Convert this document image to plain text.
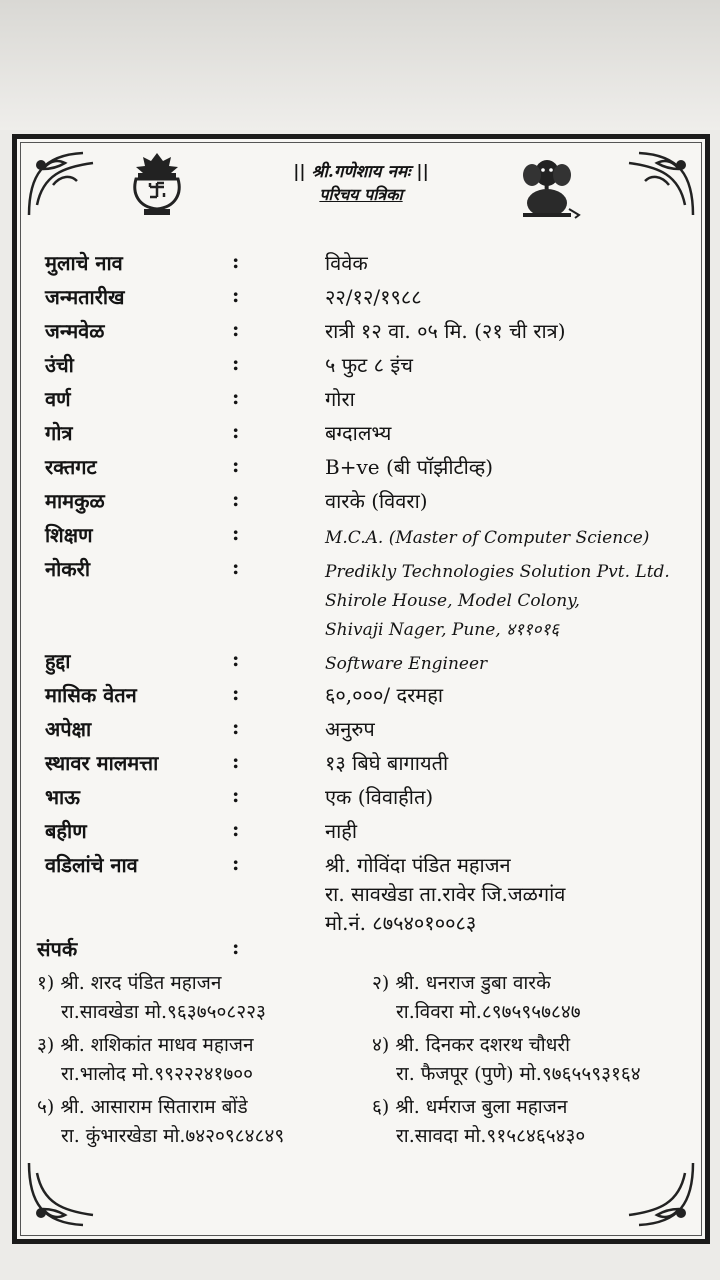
|| श्री.गणेशाय नमः ||
परिचय पत्रिका
मुलाचे नाव	:	विवेक
जन्मतारीख	:	२२/१२/१९८८
जन्मवेळ	:	रात्री १२ वा. ०५ मि. (२१ ची रात्र)
उंची	:	५ फुट ८ इंच
वर्ण	:	गोरा
गोत्र	:	बग्दालभ्य
रक्तगट	:	B+ve (बी पॉझीटीव्ह)
मामकुळ	:	वारके (विवरा)
शिक्षण	:	M.C.A. (Master of Computer Science)
नोकरी	:	Predikly Technologies Solution Pvt. Ltd.
Shirole House, Model Colony,
Shivaji Nager, Pune, ४११०१६
हुद्दा	:	Software Engineer
मासिक वेतन	:	६०,०००/ दरमहा
अपेक्षा	:	अनुरुप
स्थावर मालमत्ता	:	१३ बिघे बागायती
भाऊ	:	एक (विवाहीत)
बहीण	:	नाही
वडिलांचे नाव	:	श्री. गोविंदा पंडित महाजन
रा. सावखेडा ता.रावेर जि.जळगांव
मो.नं. ८७५४०१००८३
संपर्क	:
१) श्री. शरद पंडित महाजन
रा.सावखेडा मो.९६३७५०८२२३
२) श्री. धनराज डुबा वारके
रा.विवरा मो.८९७५९५७८४७
३) श्री. शशिकांत माधव महाजन
रा.भालोद मो.९९२२२४१७००
४) श्री. दिनकर दशरथ चौधरी
रा. फैजपूर (पुणे) मो.९७६५५९३१६४
५) श्री. आसाराम सिताराम बोंडे
रा. कुंभारखेडा मो.७४२०९८४८४९
६) श्री. धर्मराज बुला महाजन
रा.सावदा मो.९१५८४६५४३०
